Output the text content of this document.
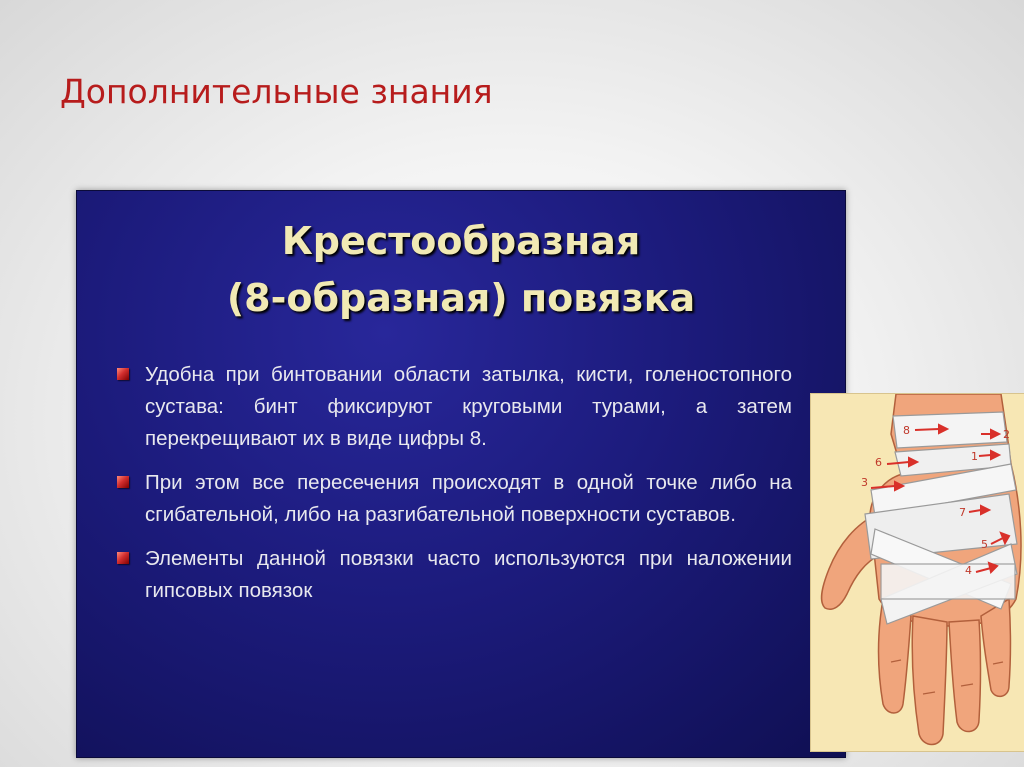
Дополнительные знания
Крестообразная
(8-образная) повязка
Удобна при бинтовании области затылка, кисти, голеностопного сустава: бинт фиксируют круговыми турами, а затем перекрещивают их в виде цифры 8.
При этом все пересечения происходят в одной точке либо на сгибательной, либо на разгибательной поверхности суставов.
Элементы данной повязки часто используются при наложении гипсовых повязок
8	2
6	1
3
7
5
4
